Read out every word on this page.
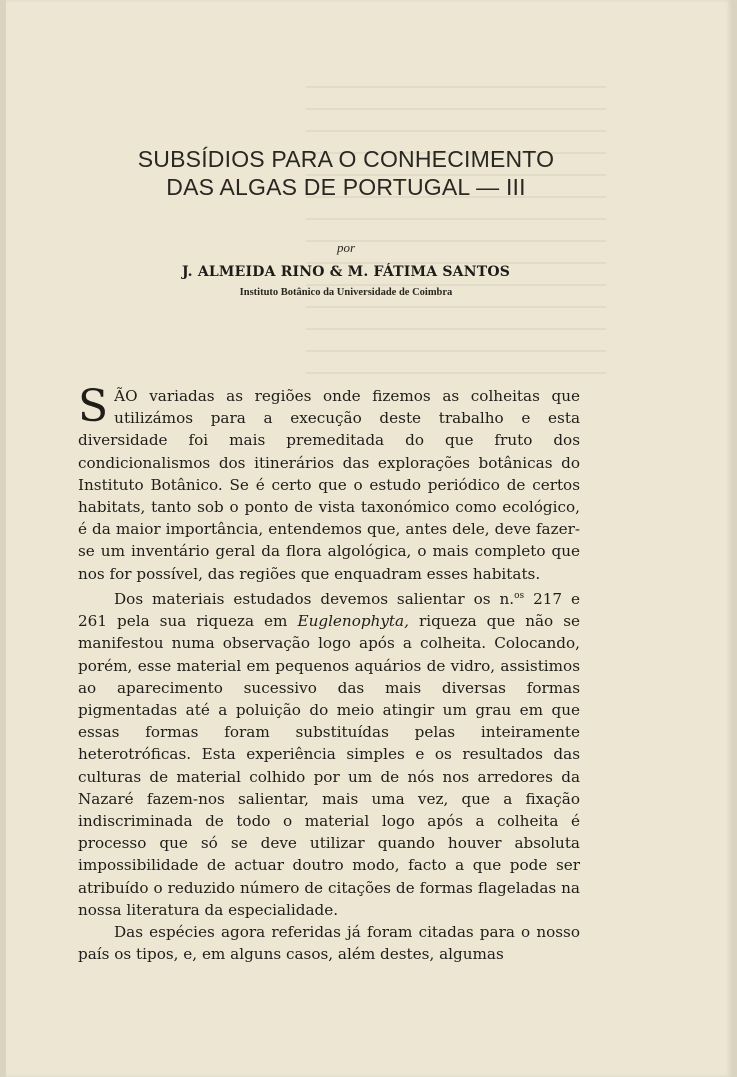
SUBSÍDIOS PARA O CONHECIMENTO
DAS ALGAS DE PORTUGAL — III
por
J. ALMEIDA RINO & M. FÁTIMA SANTOS
Instituto Botânico da Universidade de Coimbra

SÃO variadas as regiões onde fizemos as colheitas que utilizámos para a execução deste trabalho e esta diversidade foi mais premeditada do que fruto dos condicionalismos dos itinerários das explorações botânicas do Instituto Botânico. Se é certo que o estudo periódico de certos habitats, tanto sob o ponto de vista taxonómico como ecológico, é da maior importância, entendemos que, antes dele, deve fazer-se um inventário geral da flora algológica, o mais completo que nos for possível, das regiões que enquadram esses habitats.

Dos materiais estudados devemos salientar os n.$^{os}$ 217 e 261 pela sua riqueza em Euglenophyta, riqueza que não se manifestou numa observação logo após a colheita. Colocando, porém, esse material em pequenos aquários de vidro, assistimos ao aparecimento sucessivo das mais diversas formas pigmentadas até a poluição do meio atingir um grau em que essas formas foram substituídas pelas inteiramente heterotróficas. Esta experiência simples e os resultados das culturas de material colhido por um de nós nos arredores da Nazaré fazem-nos salientar, mais uma vez, que a fixação indiscriminada de todo o material logo após a colheita é processo que só se deve utilizar quando houver absoluta impossibilidade de actuar doutro modo, facto a que pode ser atribuído o reduzido número de citações de formas flageladas na nossa literatura da especialidade.

Das espécies agora referidas já foram citadas para o nosso país os tipos, e, em alguns casos, além destes, algumas
